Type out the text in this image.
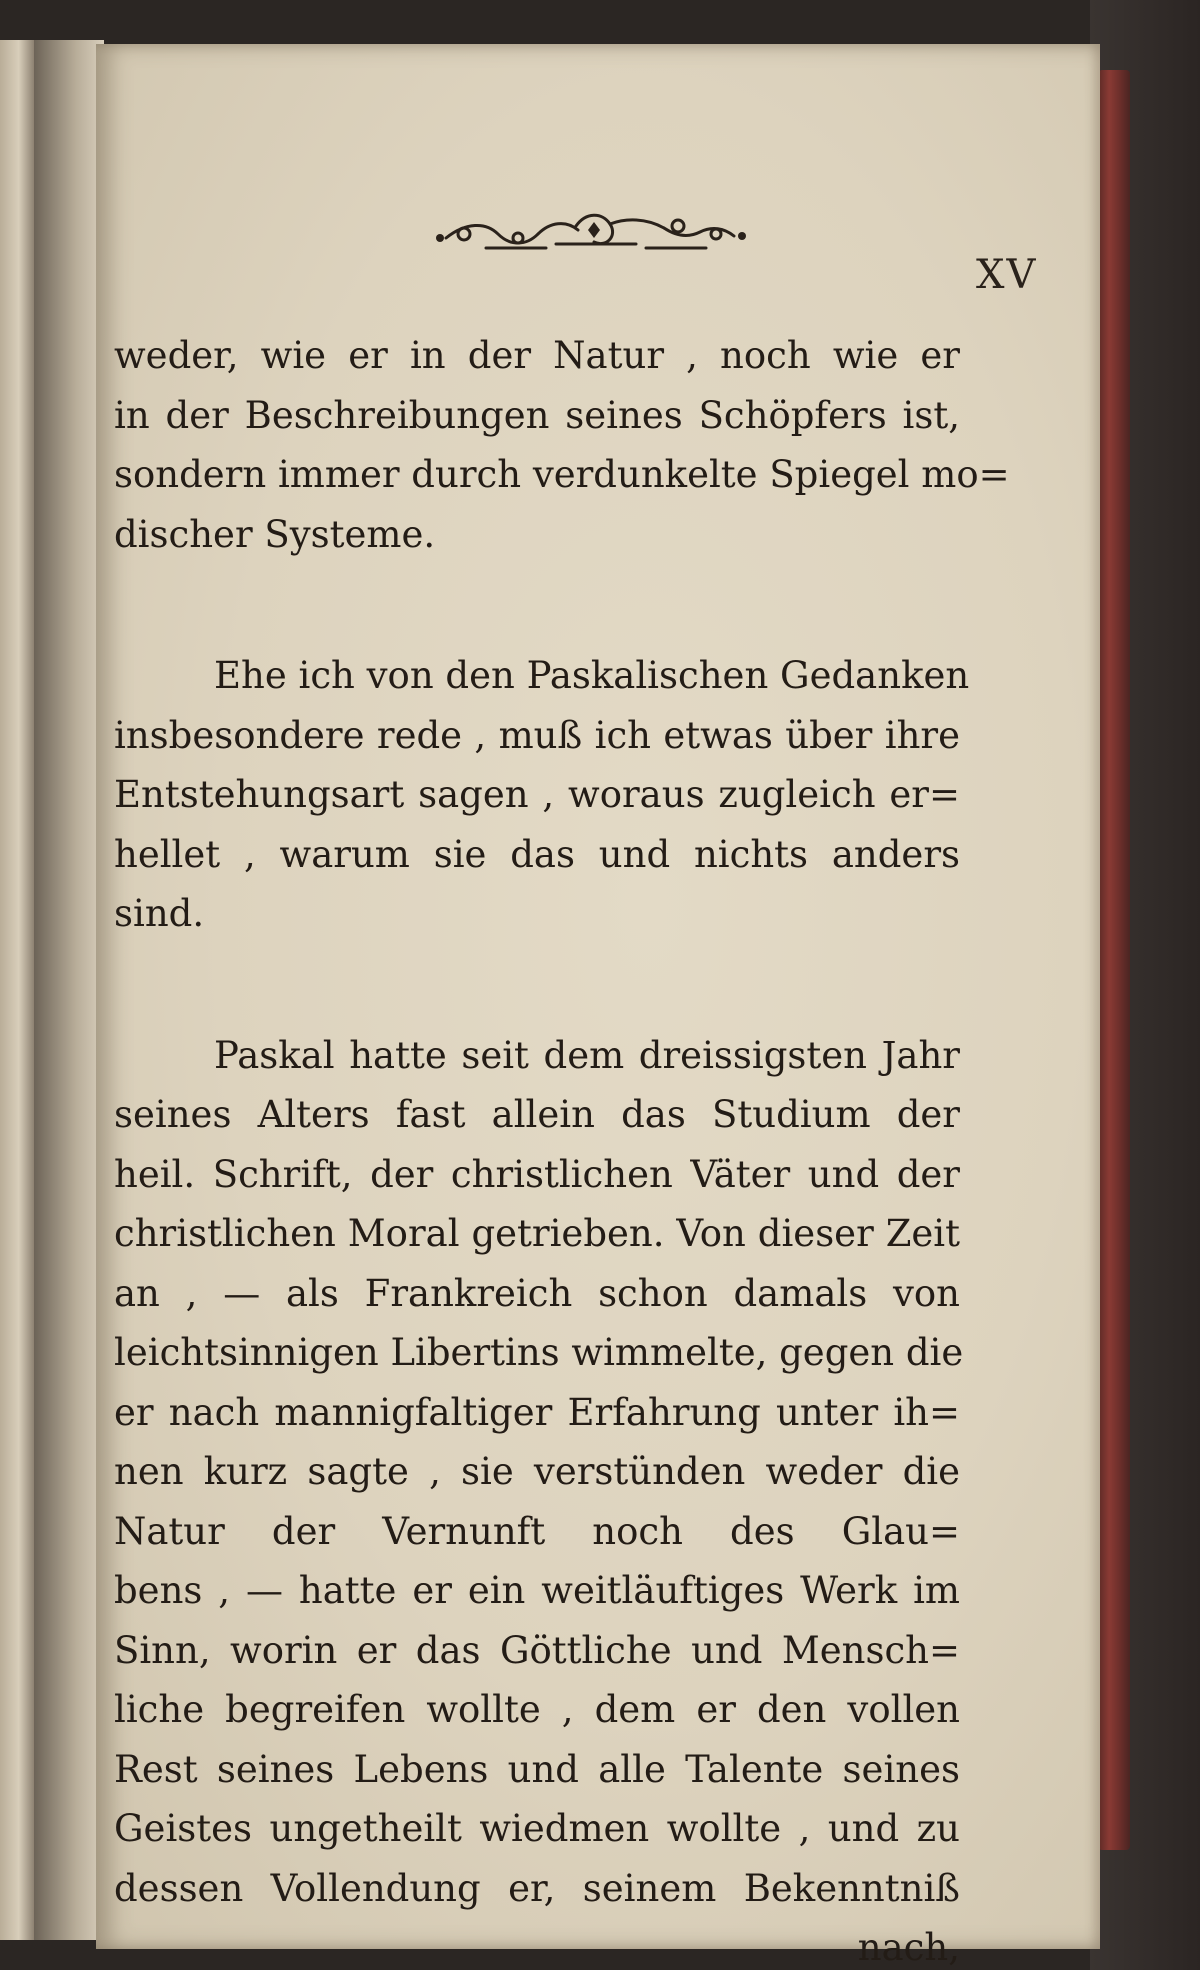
XV
weder, wie er in der Natur , noch wie er
in der Beschreibungen seines Schöpfers ist,
sondern immer durch verdunkelte Spiegel mo=
discher Systeme.
Ehe ich von den Paskalischen Gedanken
insbesondere rede , muß ich etwas über ihre
Entstehungsart sagen , woraus zugleich er=
hellet , warum sie das und nichts anders
sind.
Paskal hatte seit dem dreissigsten Jahr
seines Alters fast allein das Studium der
heil. Schrift, der christlichen Väter und der
christlichen Moral getrieben. Von dieser Zeit
an , — als Frankreich schon damals von
leichtsinnigen Libertins wimmelte, gegen die
er nach mannigfaltiger Erfahrung unter ih=
nen kurz sagte , sie verstünden weder die
Natur der Vernunft noch des Glau=
bens , — hatte er ein weitläuftiges Werk im
Sinn, worin er das Göttliche und Mensch=
liche begreifen wollte , dem er den vollen
Rest seines Lebens und alle Talente seines
Geistes ungetheilt wiedmen wollte , und zu
dessen Vollendung er, seinem Bekenntniß
nach,
